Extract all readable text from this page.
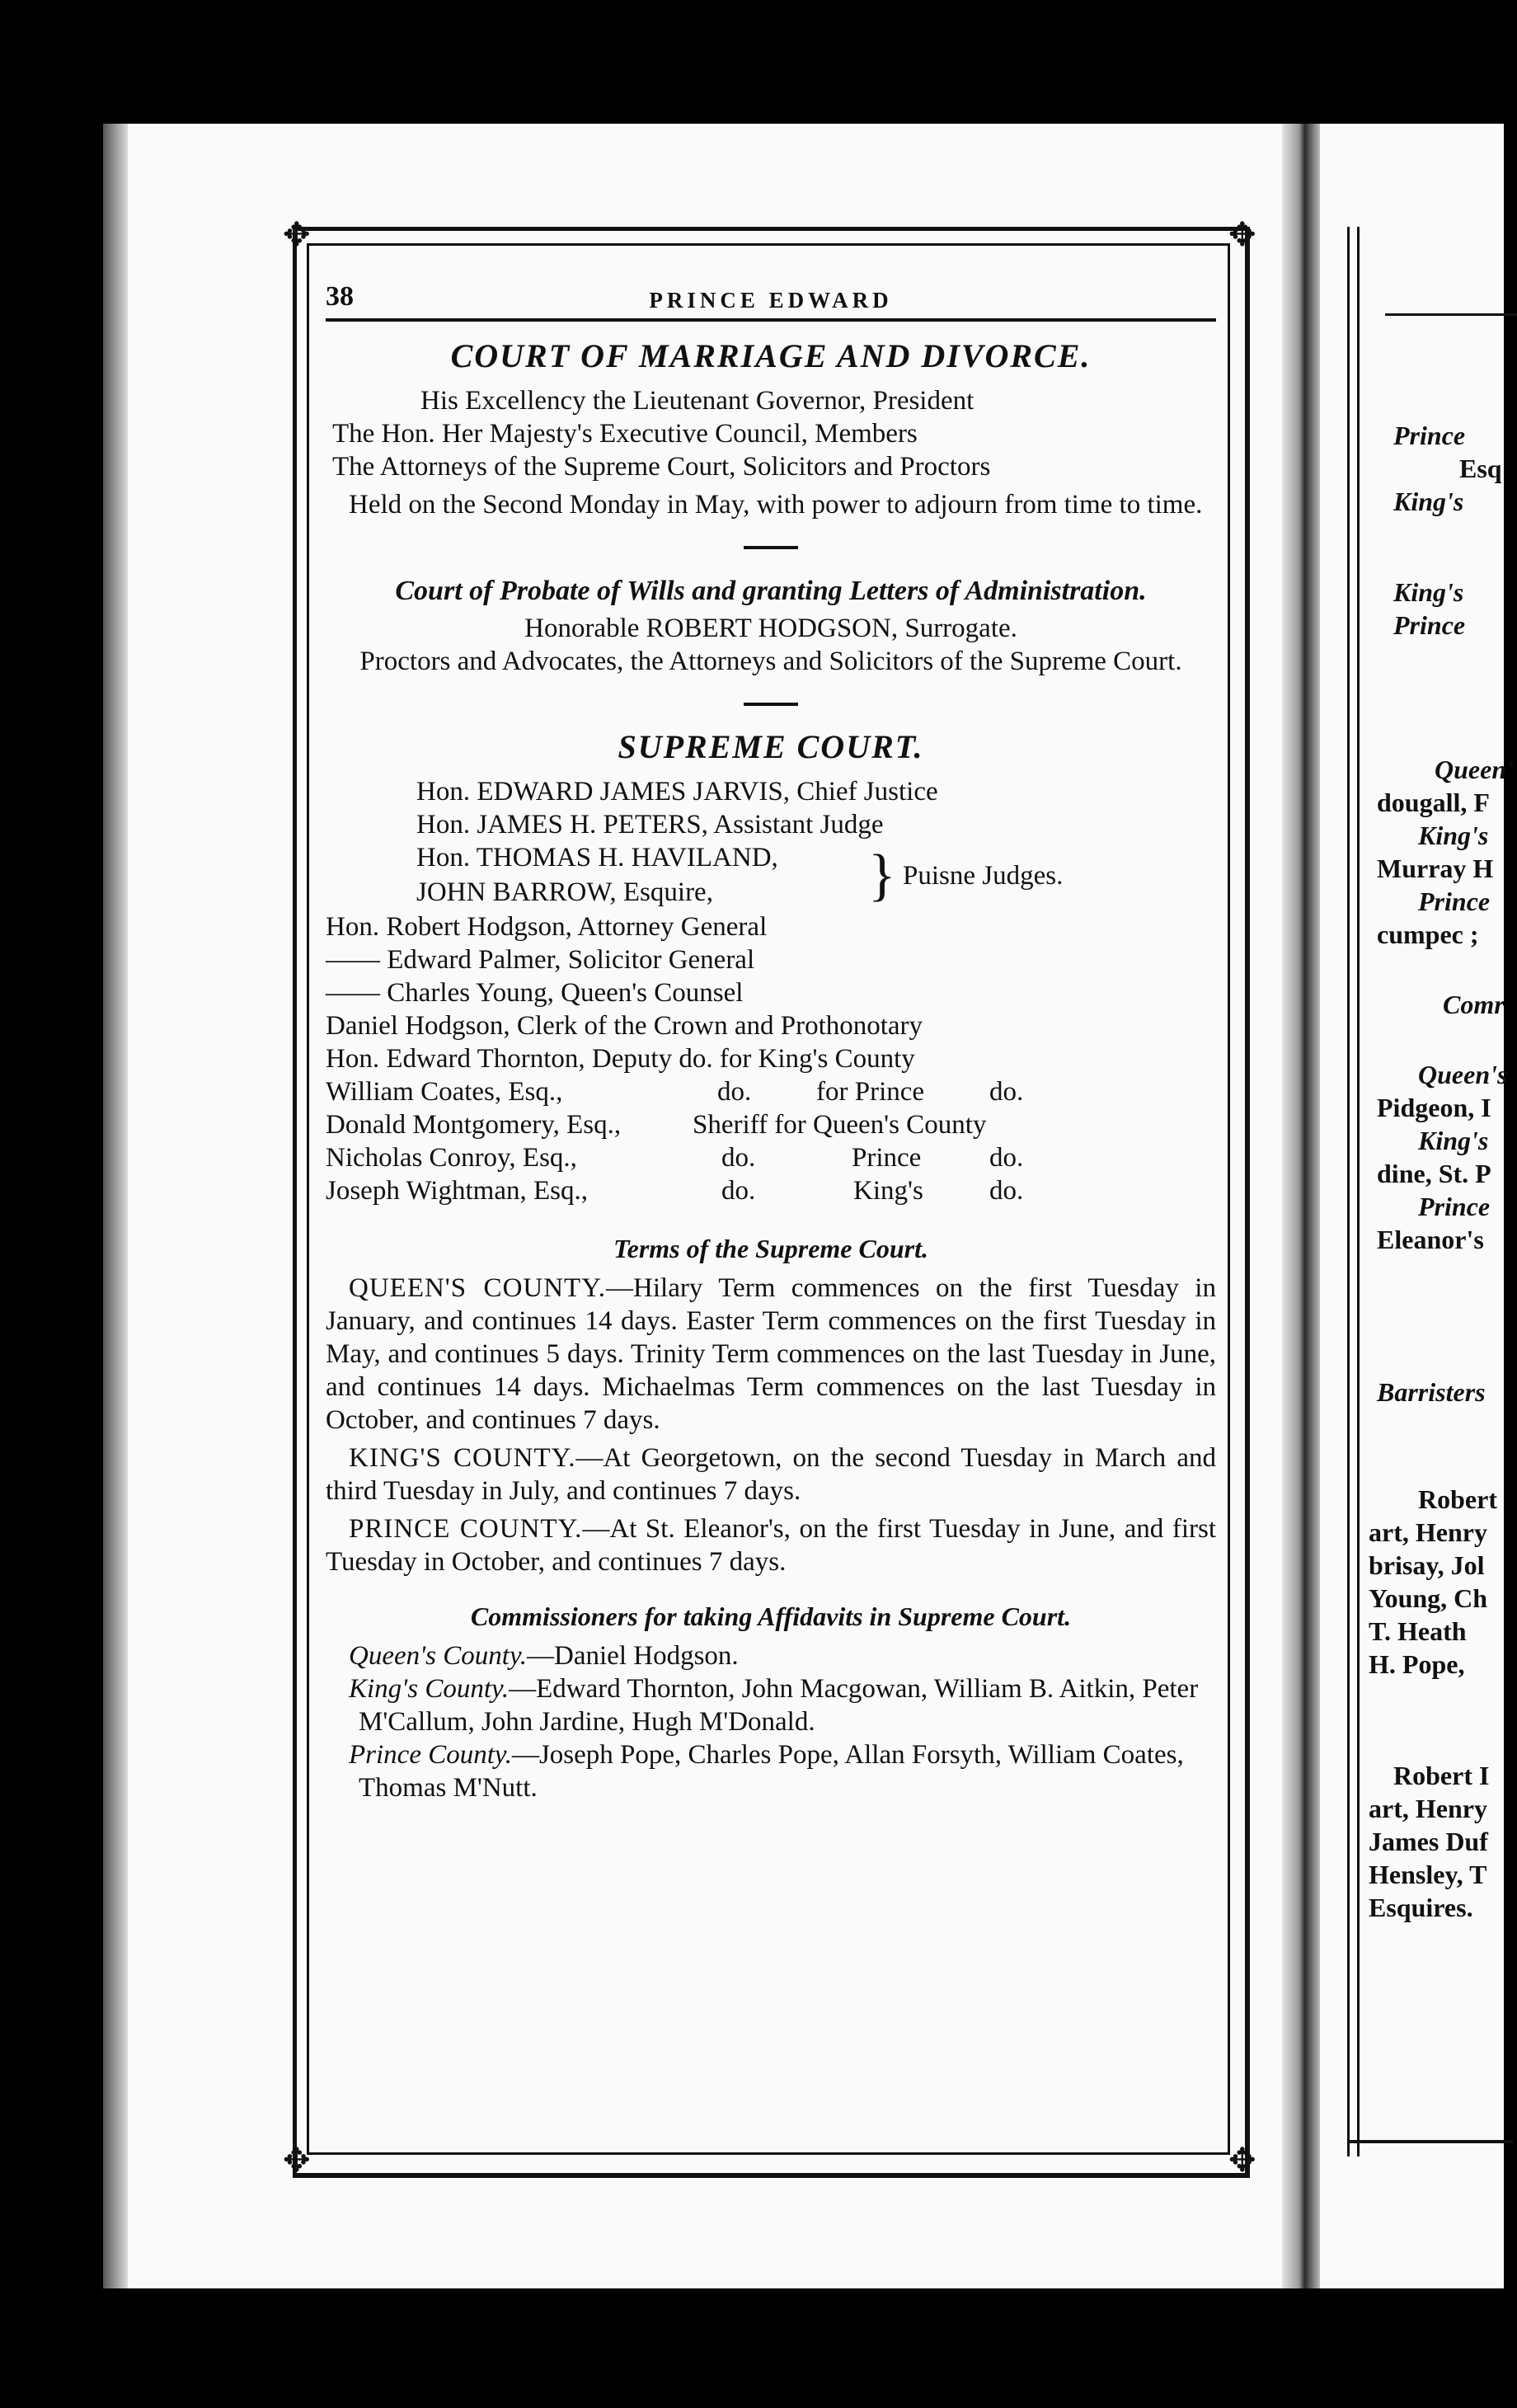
✥	✥
✥	✥
38	PRINCE EDWARD
COURT OF MARRIAGE AND DIVORCE.

His Excellency the Lieutenant Governor, President

The Hon. Her Majesty's Executive Council, Members

The Attorneys of the Supreme Court, Solicitors and Proctors

Held on the Second Monday in May, with power to adjourn from time to time.

Court of Probate of Wills and granting Letters of Administration.

Honorable ROBERT HODGSON, Surrogate.

Proctors and Advocates, the Attorneys and Solicitors of the Supreme Court.

SUPREME COURT.

Hon. EDWARD JAMES JARVIS, Chief Justice

Hon. JAMES H. PETERS, Assistant Judge

Hon. THOMAS H. HAVILAND,
JOHN BARROW, Esquire,	} Puisne Judges.

Hon. Robert Hodgson, Attorney General

—— Edward Palmer, Solicitor General

—— Charles Young, Queen's Counsel

Daniel Hodgson, Clerk of the Crown and Prothonotary

Hon. Edward Thornton, Deputy do. for King's County

William Coates, Esq.,	do. for Prince do.
Donald Montgomery, Esq.,	Sheriff for Queen's County
Nicholas Conroy, Esq.,	do.	Prince	do.
Joseph Wightman, Esq.,	do.	King's do.
Terms of the Supreme Court.

QUEEN'S COUNTY.—Hilary Term commences on the first Tuesday in January, and continues 14 days. Easter Term commences on the first Tuesday in May, and continues 5 days. Trinity Term commences on the last Tuesday in June, and continues 14 days. Michaelmas Term commences on the last Tuesday in October, and continues 7 days.

KING'S COUNTY.—At Georgetown, on the second Tuesday in March and third Tuesday in July, and continues 7 days.

PRINCE COUNTY.—At St. Eleanor's, on the first Tuesday in June, and first Tuesday in October, and continues 7 days.

Commissioners for taking Affidavits in Supreme Court.

Queen's County.—Daniel Hodgson.

King's County.—Edward Thornton, John Macgowan, William B. Aitkin, Peter M'Callum, John Jardine, Hugh M'Donald.

Prince County.—Joseph Pope, Charles Pope, Allan Forsyth, William Coates, Thomas M'Nutt.

Prince
Esq
King's
King's
Prince
Queen'
dougall, F
King's
Murray H
Prince
cumpec ;
Comr
Queen's
Pidgeon, I
King's
dine, St. P
Prince
Eleanor's
Barristers
Robert
art, Henry
brisay, Jol
Young, Ch
T. Heath
H. Pope,
Robert I
art, Henry
James Duf
Hensley, T
Esquires.
